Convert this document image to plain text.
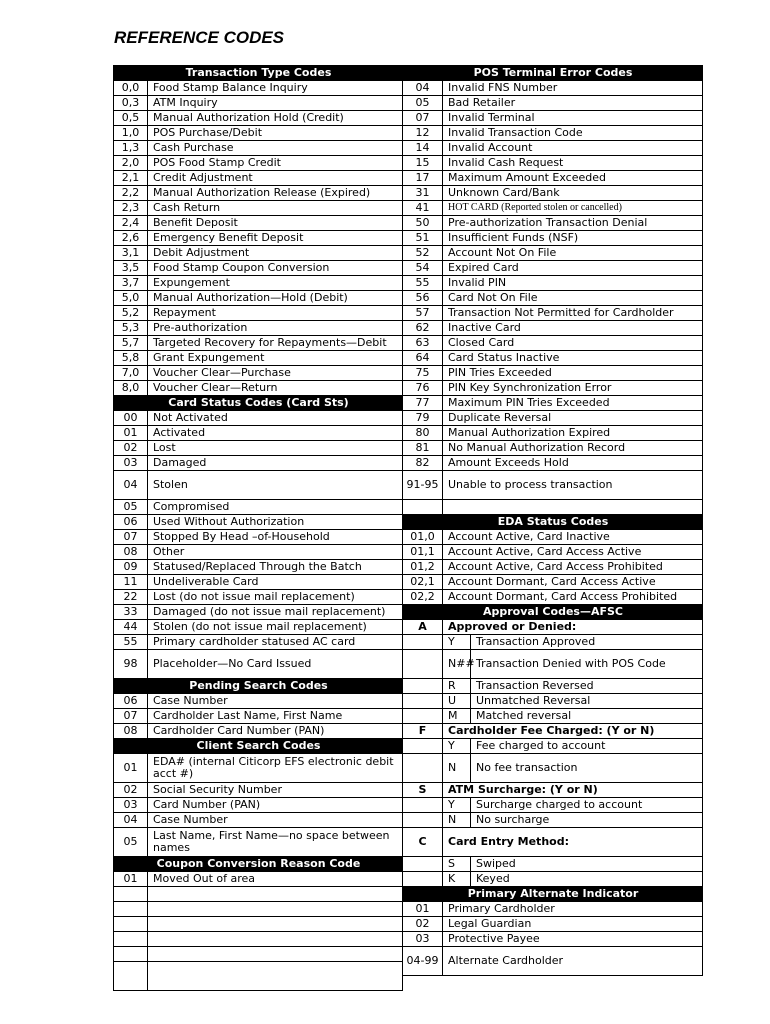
REFERENCE CODES
Transaction Type Codes	
0,0	Food Stamp Balance Inquiry
0,3	ATM Inquiry
0,5	Manual Authorization Hold (Credit)
1,0	POS Purchase/Debit
1,3	Cash Purchase
2,0	POS Food Stamp Credit
2,1	Credit Adjustment
2,2	Manual Authorization Release (Expired)
2,3	Cash Return
2,4	Benefit Deposit
2,6	Emergency Benefit Deposit
3,1	Debit Adjustment
3,5	Food Stamp Coupon Conversion
3,7	Expungement
5,0	Manual Authorization—Hold (Debit)
5,2	Repayment
5,3	Pre-authorization
5,7	Targeted Recovery for Repayments—Debit
5,8	Grant Expungement
7,0	Voucher Clear—Purchase
8,0	Voucher Clear—Return
Card Status Codes (Card Sts)	
00	Not Activated
01	Activated
02	Lost
03	Damaged
04	Stolen
05	Compromised
06	Used Without Authorization
07	Stopped By Head –of-Household
08	Other
09	Statused/Replaced Through the Batch
11	Undeliverable Card
22	Lost (do not issue mail replacement)
33	Damaged (do not issue mail replacement)
44	Stolen (do not issue mail replacement)
55	Primary cardholder statused AC card
98	Placeholder—No Card Issued
Pending Search Codes	
06	Case Number
07	Cardholder Last Name, First Name
08	Cardholder Card Number (PAN)
Client Search Codes	
01	EDA# (internal Citicorp EFS electronic debit acct #)
02	Social Security Number
03	Card Number (PAN)
04	Case Number
05	Last Name, First Name—no space between names
Coupon Conversion Reason Code	
01	Moved Out of area

POS Terminal Error Codes		
04	Invalid FNS Number	
05	Bad Retailer	
07	Invalid Terminal	
12	Invalid Transaction Code	
14	Invalid Account	
15	Invalid Cash Request	
17	Maximum Amount Exceeded	
31	Unknown Card/Bank	
41	HOT CARD (Reported stolen or cancelled)	
50	Pre-authorization Transaction Denial	
51	Insufficient Funds (NSF)	
52	Account Not On File	
54	Expired Card	
55	Invalid PIN	
56	Card Not On File	
57	Transaction Not Permitted for Cardholder	
62	Inactive Card	
63	Closed Card	
64	Card Status Inactive	
75	PIN Tries Exceeded	
76	PIN Key Synchronization Error	
77	Maximum PIN Tries Exceeded	
79	Duplicate Reversal	
80	Manual Authorization Expired	
81	No Manual Authorization Record	
82	Amount Exceeds Hold	
91-95	Unable to process transaction	

EDA Status Codes		
01,0	Account Active, Card Inactive	
01,1	Account Active, Card Access Active	
01,2	Account Active, Card Access Prohibited	
02,1	Account Dormant, Card Access Active	
02,2	Account Dormant, Card Access Prohibited	
Approval Codes—AFSC		
A	Approved or Denied:	
	Y	Transaction Approved
	N##	Transaction Denied with POS Code
	R	Transaction Reversed
	U	Unmatched Reversal
	M	Matched reversal
F	Cardholder Fee Charged: (Y or N)	
	Y	Fee charged to account
	N	No fee transaction
S	ATM Surcharge: (Y or N)	
	Y	Surcharge charged to account
	N	No surcharge
C	Card Entry Method:	
	S	Swiped
	K	Keyed
Primary Alternate Indicator		
01	Primary Cardholder	
02	Legal Guardian	
03	Protective Payee	
04-99	Alternate Cardholder	
